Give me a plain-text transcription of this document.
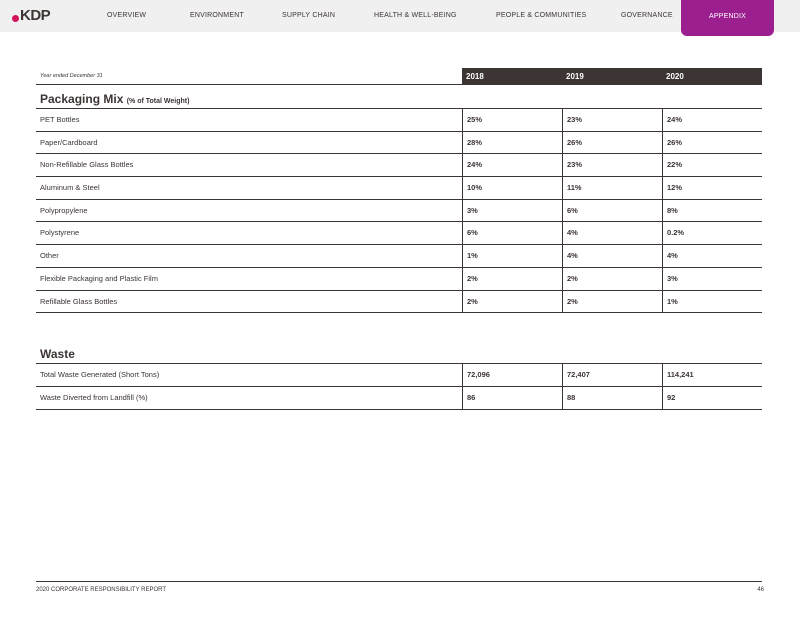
KDP	OVERVIEW	ENVIRONMENT	SUPPLY CHAIN	HEALTH & WELL-BEING	PEOPLE & COMMUNITIES	GOVERNANCE	APPENDIX
Year ended December 31	2018	2019	2020
Packaging Mix (% of Total Weight)
PET Bottles	25%	23%	24%
Paper/Cardboard	28%	26%	26%
Non-Refillable Glass Bottles	24%	23%	22%
Aluminum & Steel	10%	11%	12%
Polypropylene	3%	6%	8%
Polystyrene	6%	4%	0.2%
Other	1%	4%	4%
Flexible Packaging and Plastic Film	2%	2%	3%
Refillable Glass Bottles	2%	2%	1%
Waste
Total Waste Generated (Short Tons)	72,096	72,407	114,241
Waste Diverted from Landfill (%)	86	88	92
2020 CORPORATE RESPONSIBILITY REPORT	46
